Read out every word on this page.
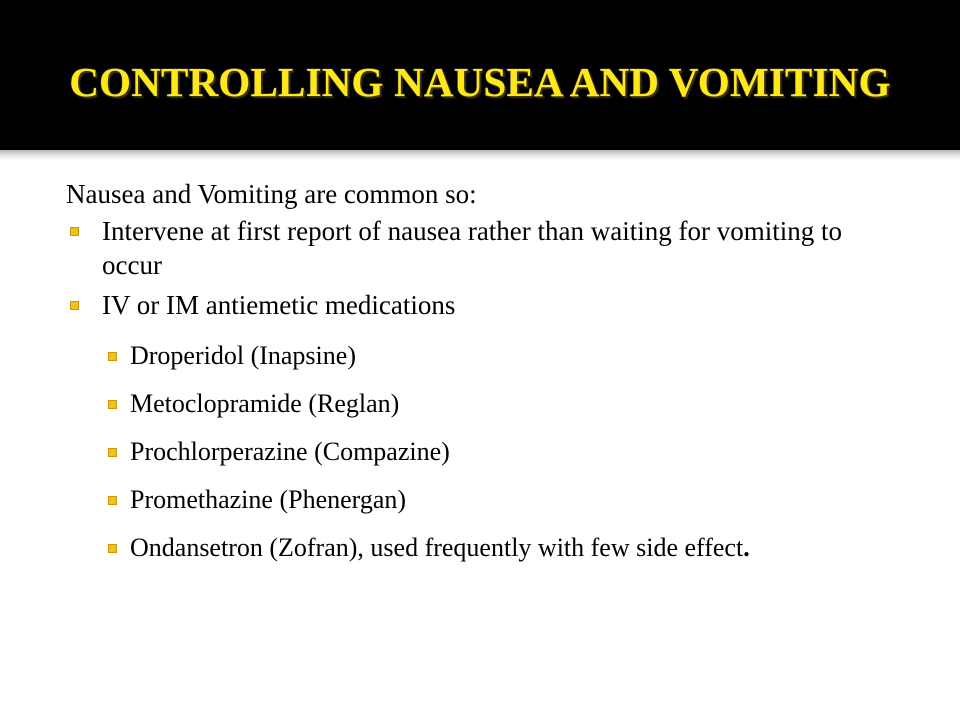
CONTROLLING NAUSEA AND VOMITING

Nausea and Vomiting are common so:

Intervene at first report of nausea rather than waiting for vomiting to occur
IV or IM antiemetic medications
Droperidol (Inapsine)
Metoclopramide (Reglan)
Prochlorperazine (Compazine)
Promethazine (Phenergan)
Ondansetron (Zofran), used frequently with few side effect.
